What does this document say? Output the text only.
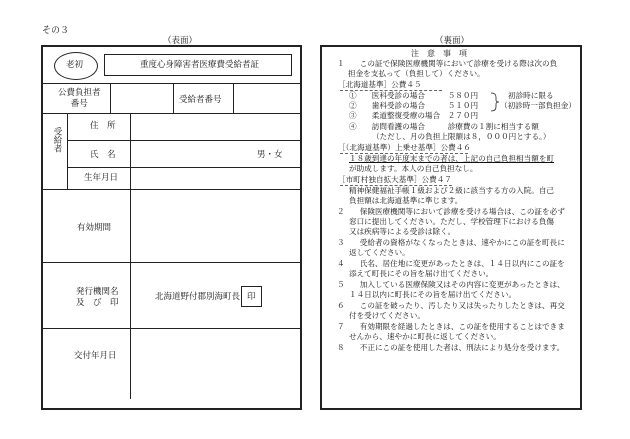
その３
（表面）
老初	重度心身障害者医療費受給者証
公費負担者
番号	受給者番号
受給者
住　所
氏　名	男・女
生年月日
有効期間
発行機関名
及　び　印
北海道野付郡別海町長 印
交付年月日
（裏面）
注　意　事　項
１　　この証で保険医療機関等において診療を受ける際は次の負
担金を支払って（負担して）ください。
［北海道基準］公費４５
①　　医科受診の場合　　　５８０円
②　　歯科受診の場合　　　５１０円
③　　柔道整復受療の場合　２７０円
④　　訪問看護の場合　　　診療費の１割に相当する額
（ただし、月の負担上限額は８，０００円とする。）
［（北海道基準）上乗せ基準］公費４６
１８歳到達の年度末までの者は、上記の自己負担相当額を町
が助成します。本人の自己負担なし。
［市町村独自拡大基準］公費４７
精神保健福祉手帳１級および２級に該当する方の入院。自己
負担額は北海道基準に準じます。
２　　保険医療機関等において診療を受ける場合は、この証を必ず
窓口に提出してください。ただし、学校管理下における負傷
又は疾病等による受診は除く。
３　　受給者の資格がなくなったときは、速やかにこの証を町長に
返してください。
４　　氏名、居住地に変更があったときは、１４日以内にこの証を
添えて町長にその旨を届け出てください。
５　　加入している医療保険又はその内容に変更があったときは、
１４日以内に町長にその旨を届け出てください。
６　　この証を破ったり、汚したり又は失ったりしたときは、再交
付を受けてください。
７　　有効期限を経過したときは、この証を使用することはできま
せんから、速やかに町長に返してください。
８　　不正にこの証を使用した者は、刑法により処分を受けます。
初診時に限る
（初診時一部負担金）
